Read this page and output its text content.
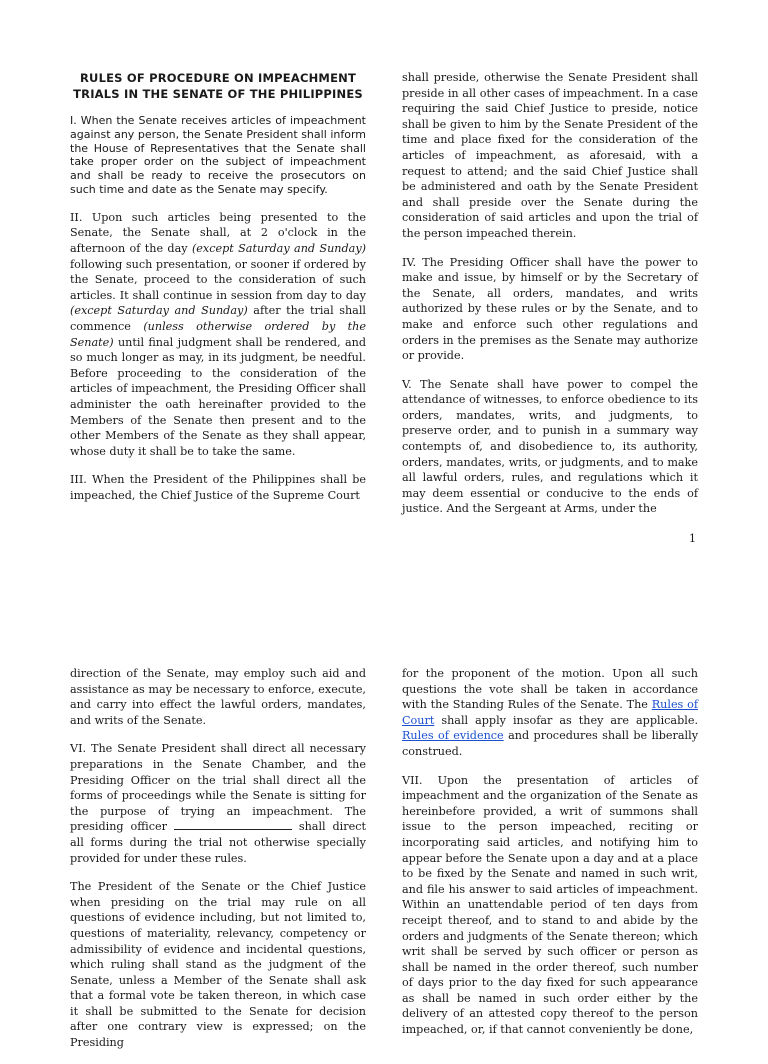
RULES OF PROCEDURE ON IMPEACHMENT
TRIALS IN THE SENATE OF THE PHILIPPINES

I. When the Senate receives articles of impeachment against any person, the Senate President shall inform the House of Representatives that the Senate shall take proper order on the subject of impeachment and shall be ready to receive the prosecutors on such time and date as the Senate may specify.

II. Upon such articles being presented to the Senate, the Senate shall, at 2 o'clock in the afternoon of the day (except Saturday and Sunday) following such presentation, or sooner if ordered by the Senate, proceed to the consideration of such articles. It shall continue in session from day to day (except Saturday and Sunday) after the trial shall commence (unless otherwise ordered by the Senate) until final judgment shall be rendered, and so much longer as may, in its judgment, be needful. Before proceeding to the consideration of the articles of impeachment, the Presiding Officer shall administer the oath hereinafter provided to the Members of the Senate then present and to the other Members of the Senate as they shall appear, whose duty it shall be to take the same.

III. When the President of the Philippines shall be impeached, the Chief Justice of the Supreme Court

shall preside, otherwise the Senate President shall preside in all other cases of impeachment. In a case requiring the said Chief Justice to preside, notice shall be given to him by the Senate President of the time and place fixed for the consideration of the articles of impeachment, as aforesaid, with a request to attend; and the said Chief Justice shall be administered and oath by the Senate President and shall preside over the Senate during the consideration of said articles and upon the trial of the person impeached therein.

IV. The Presiding Officer shall have the power to make and issue, by himself or by the Secretary of the Senate, all orders, mandates, and writs authorized by these rules or by the Senate, and to make and enforce such other regulations and orders in the premises as the Senate may authorize or provide.

V. The Senate shall have power to compel the attendance of witnesses, to enforce obedience to its orders, mandates, writs, and judgments, to preserve order, and to punish in a summary way contempts of, and disobedience to, its authority, orders, mandates, writs, or judgments, and to make all lawful orders, rules, and regulations which it may deem essential or conducive to the ends of justice. And the Sergeant at Arms, under the

1

direction of the Senate, may employ such aid and assistance as may be necessary to enforce, execute, and carry into effect the lawful orders, mandates, and writs of the Senate.

VI. The Senate President shall direct all necessary preparations in the Senate Chamber, and the Presiding Officer on the trial shall direct all the forms of proceedings while the Senate is sitting for the purpose of trying an impeachment. The presiding officer	shall direct all forms during the trial not otherwise specially provided for under these rules.

The President of the Senate or the Chief Justice when presiding on the trial may rule on all questions of evidence including, but not limited to, questions of materiality, relevancy, competency or admissibility of evidence and incidental questions, which ruling shall stand as the judgment of the Senate, unless a Member of the Senate shall ask that a formal vote be taken thereon, in which case it shall be submitted to the Senate for decision after one contrary view is expressed; on the Presiding

for the proponent of the motion. Upon all such questions the vote shall be taken in accordance with the Standing Rules of the Senate. The Rules of Court shall apply insofar as they are applicable. Rules of evidence and procedures shall be liberally construed.

VII. Upon the presentation of articles of impeachment and the organization of the Senate as hereinbefore provided, a writ of summons shall issue to the person impeached, reciting or incorporating said articles, and notifying him to appear before the Senate upon a day and at a place to be fixed by the Senate and named in such writ, and file his answer to said articles of impeachment. Within an unattendable period of ten days from receipt thereof, and to stand to and abide by the orders and judgments of the Senate thereon; which writ shall be served by such officer or person as shall be named in the order thereof, such number of days prior to the day fixed for such appearance as shall be named in such order either by the delivery of an attested copy thereof to the person impeached, or, if that cannot conveniently be done,
